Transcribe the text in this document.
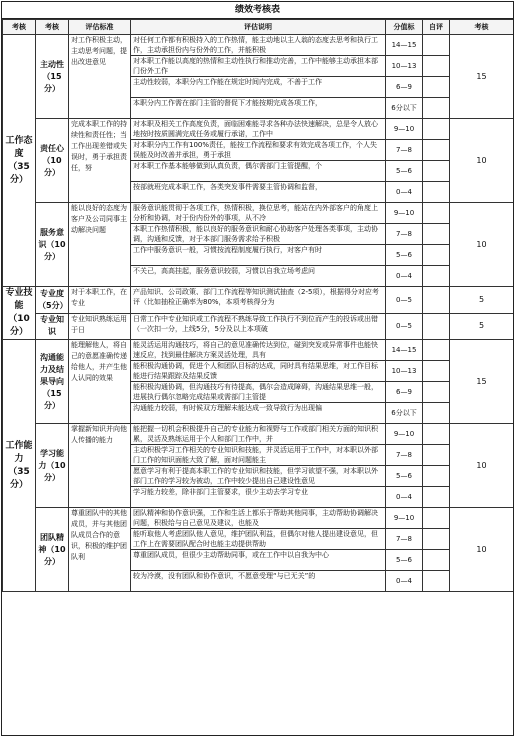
绩效考核表
考核	考核	评估标准	评估说明	分值标	自评	考核
工作态度（35分）	主动性（15分）	对工作积极主动，主动思考问题，提出改进意见	对任何工作都有积极持入的工作热情，能主动地以主人翁的态度去思考和执行工作，主动承担份内与份外的工作，并能积极	14—15		15

			对本职工作能以高度的热情和主动性执行和推动完善，工作中能够主动承担本部门份外工作	10—13		

			主动性较弱，本职分内工作能在规定时间内完成，不善于工作	6—9		

			本职分内工作需在部门主管的督促下才能按期完成各项工作，	6分以下		
	责任心（10分）	完成本职工作的持续性和责任性；当工作出现差错或失误时，勇于承担责任，努	对本职及相关工作高度负责，面临困难能寻求各种办法快速解决，总是令人放心地按时按质圆满完成任务或履行承诺，工作中	9—10		10

			对本职分内工作有100%责任，能按工作流程和要求有效完成各项工作，个人失误能及时改善并承担，勇于承担	7—8		

			对本职工作基本能够做到认真负责，偶尔需部门主管提醒，个	5—6		

			按部就班完成本职工作，各类突发事件需要主管协调和监督，	0—4		
	服务意识（10分）	能以良好的态度为客户及公司同事主动解决问题	服务意识能贯彻于各项工作，热情积极，换位思考，能站在内外部客户的角度上分析和协调，对于份内份外的事项，从不冷	9—10		10

			本职工作热情积极，能以良好的服务意识和耐心协助客户处理各类事项，主动协调，沟通和反馈，对于本部门服务需求给予积极	7—8		

			工作中服务意识一般，习惯按流程制度履行执行，对客户有时	5—6		

			不关己，高高挂起，服务意识较弱，习惯以自我立场考虑问	0—4		
专业技能（10分）	专业度（5分）	对于本职工作，在专业	产品知识、公司政策、部门工作流程等知识测试抽查（2-5项），根据得分对应考评（比如抽检正确率为80%，本项考核得分为	0—5		5
	专业知识	专业知识熟练运用于日	日常工作中专业知识或工作流程不熟练导致工作执行不到位而产生的投诉或出错（一次扣一分，上线5分，5分及以上本项破	0—5		5
工作能力（35分）	沟通能力及结果导向（15分）	能理解他人，将自己的意愿准确传递给他人，并产生他人认同的效果	能灵活运用沟通技巧，将自己的意见准确传达到位，碰到突发或异常事件也能快速反应，找到最佳解决方案灵活处理，具有	14—15		15

			能积极沟通协调，促进个人和团队目标的达成，同时具有结果思维，对工作目标能进行结果跟踪及结果反馈	10—13		

			能积极沟通协调，但沟通技巧有待提高，偶尔会造成障碍，沟通结果思维一般，进展执行偶尔忽略完成结果或需部门主管提	6—9		

			沟通能力较弱，有时候双方理解未能达成一致导致行为出现偏	6分以下		
	学习能力（10分）	掌握新知识并向他人传播的能力	能把握一切机会积极提升自己的专业能力和视野与工作或部门相关方面的知识积累，灵活及熟练运用于个人和部门工作中，并	9—10		10

			主动积极学习工作相关的专业知识和技能，并灵活运用于工作中，对本职以外部门工作的知识面能大致了解，面对问题能主	7—8		

			愿意学习有利于提高本职工作的专业知识和技能，但学习欲望不强，对本职以外部门工作的学习较为被动，工作中较少提出自己建设性意见	5—6		

			学习能力较差，除非部门主管要求，很少主动去学习专业	0—4		
	团队精神（10分）	尊重团队中的其他成员，并与其他团队成员合作的意识，积极的维护团队利	团队精神和协作意识强，工作和生活上都乐于帮助其他同事，主动帮助协调解决问题，积极给与自己意见及建议，也能及	9—10		10

			能听取他人考虑团队他人意见，维护团队利益，但偶尔对他人提出建设意见，但工作上在需要团队配合时也能主动提供帮助	7—8		

			尊重团队成员，但很少主动帮助同事，或在工作中以自我为中心	5—6		

			较为冷漠，没有团队和协作意识，不愿意受理“与已无关”的	0—4		
